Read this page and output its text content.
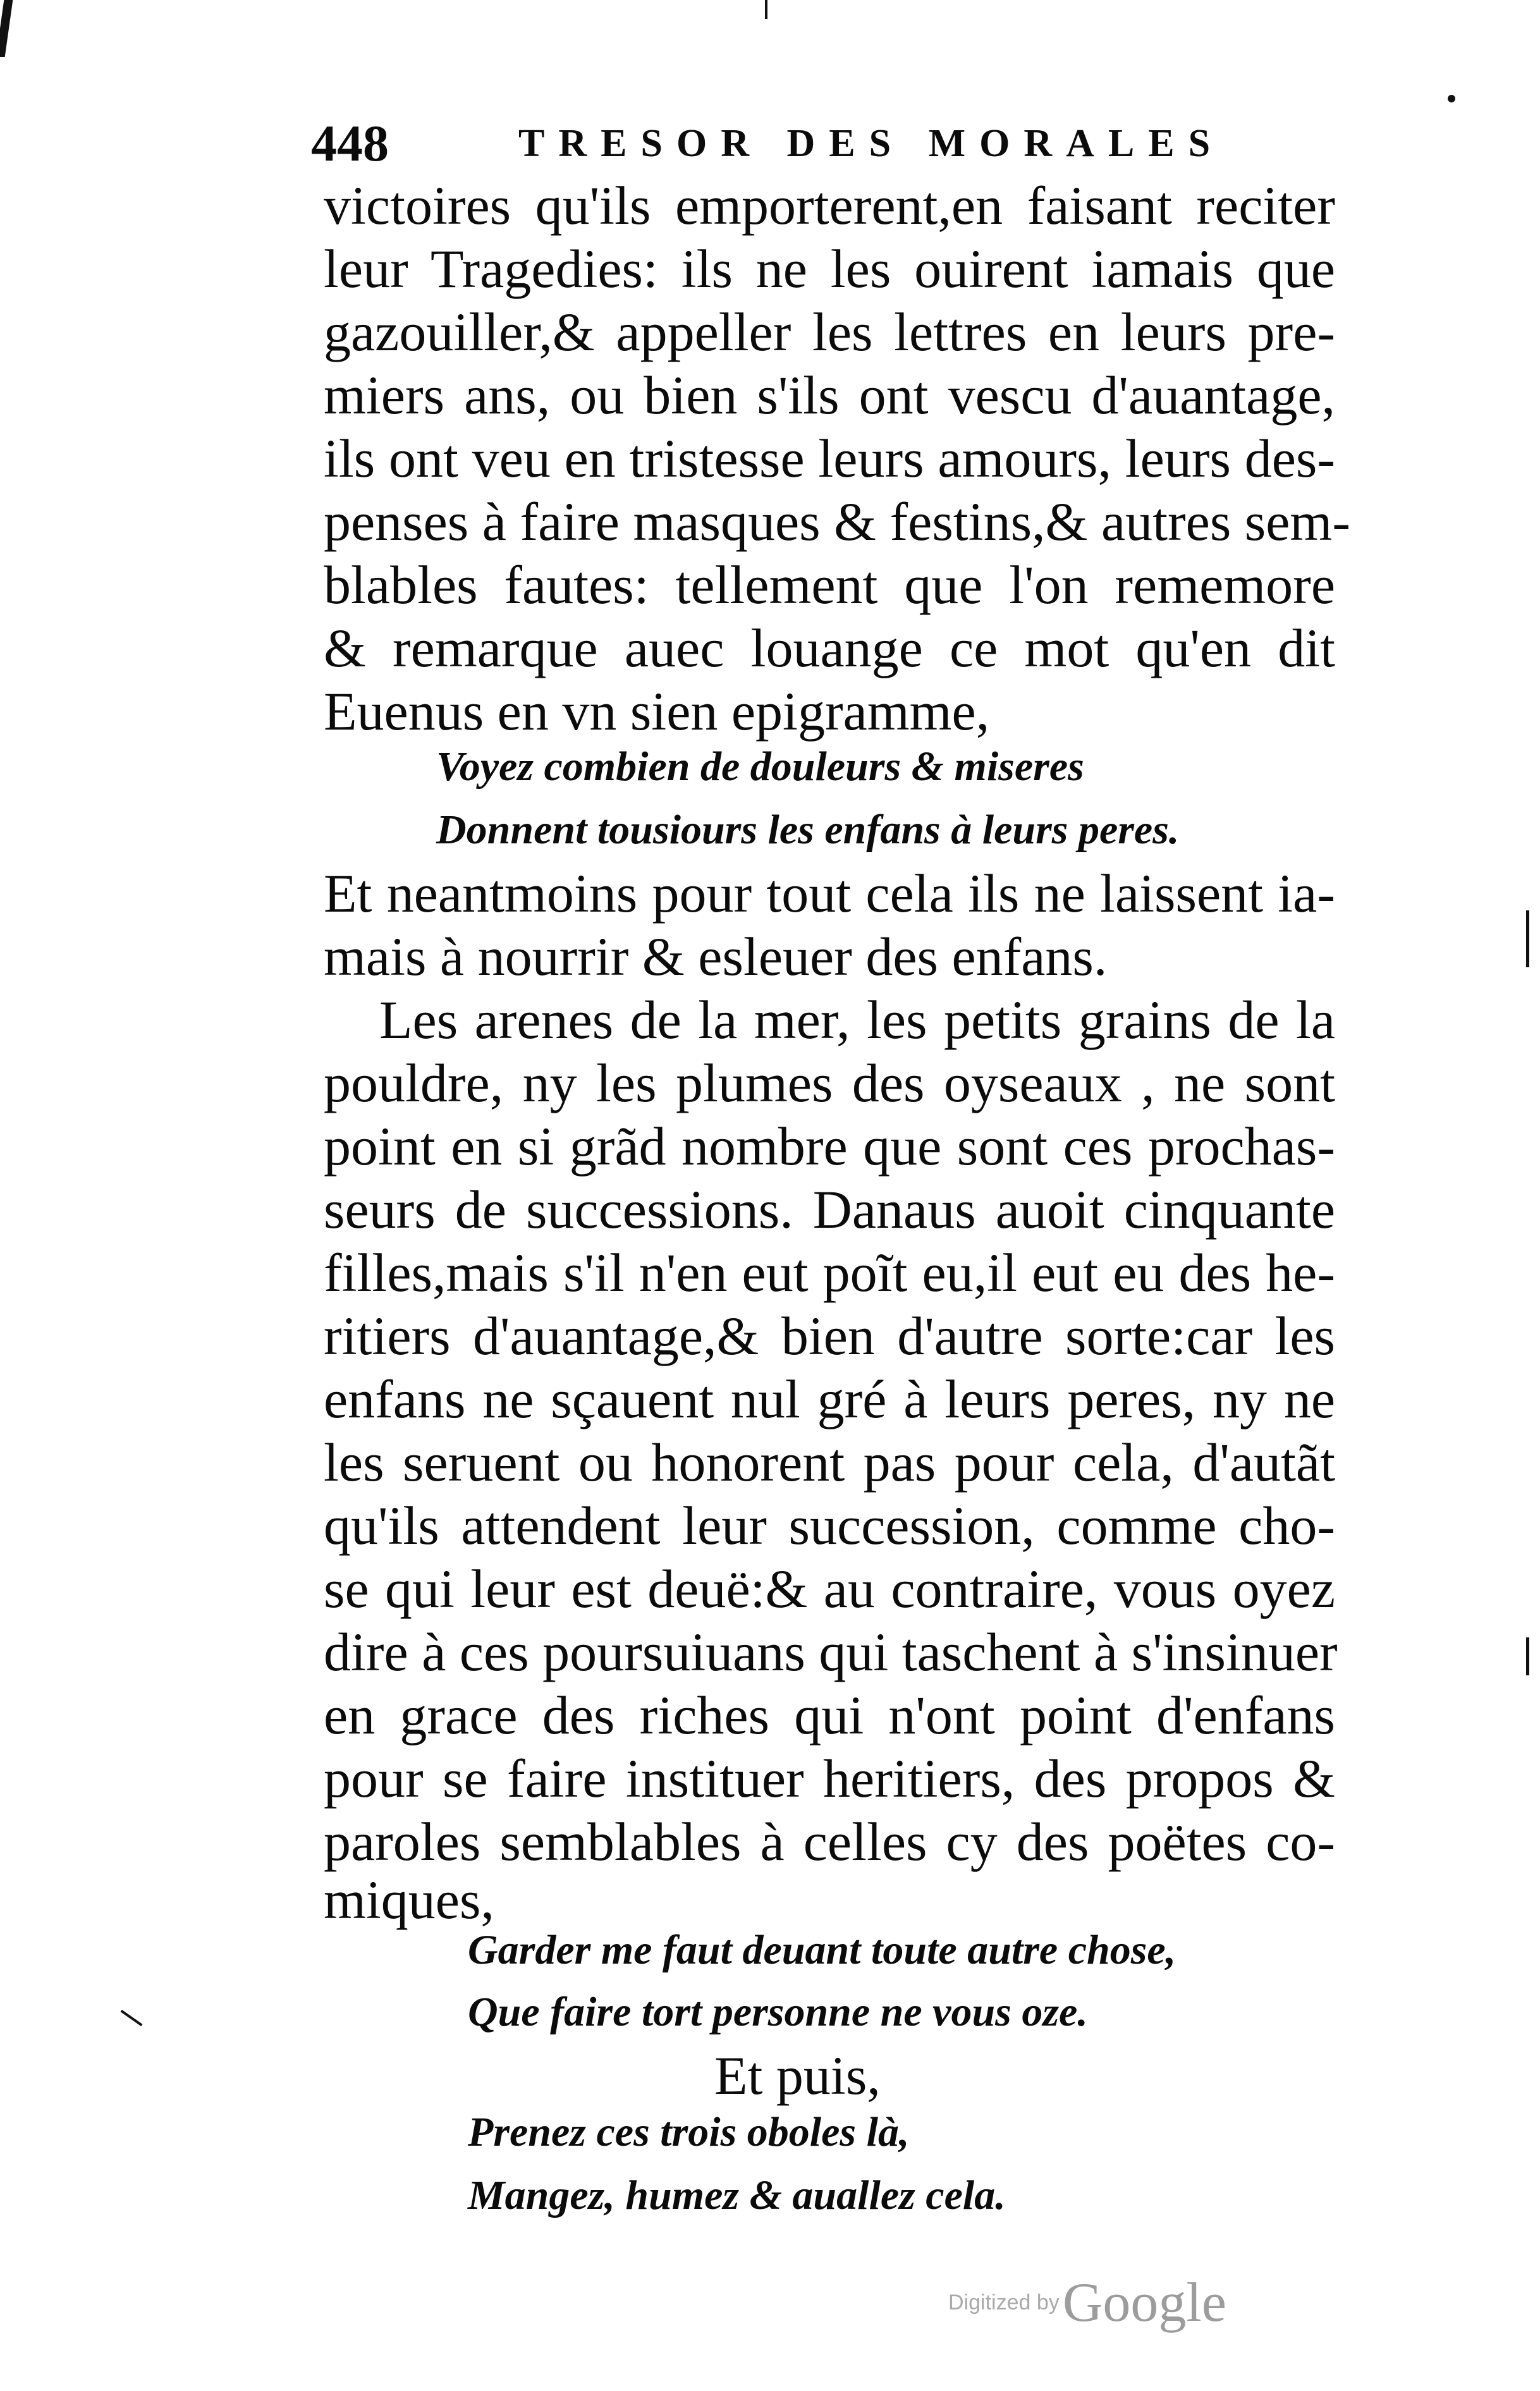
448	TRESOR DES MORALES
victoires qu'ils emporterent,en faisant reciter
leur Tragedies: ils ne les ouirent iamais que
gazouiller,& appeller les lettres en leurs pre-
miers ans, ou bien s'ils ont vescu d'auantage,
ils ont veu en tristesse leurs amours, leurs des-
penses à faire masques & festins,& autres sem-
blables fautes: tellement que l'on rememore
& remarque auec louange ce mot qu'en dit
Euenus en vn sien epigramme,
Voyez combien de douleurs & miseres
Donnent tousiours les enfans à leurs peres.
Et neantmoins pour tout cela ils ne laissent ia-
mais à nourrir & esleuer des enfans.
Les arenes de la mer, les petits grains de la
pouldre, ny les plumes des oyseaux , ne sont
point en si grãd nombre que sont ces prochas-
seurs de successions. Danaus auoit cinquante
filles,mais s'il n'en eut poĩt eu,il eut eu des he-
ritiers d'auantage,& bien d'autre sorte:car les
enfans ne sçauent nul gré à leurs peres, ny ne
les seruent ou honorent pas pour cela, d'autãt
qu'ils attendent leur succession, comme cho-
se qui leur est deuë:& au contraire, vous oyez
dire à ces poursuiuans qui taschent à s'insinuer
en grace des riches qui n'ont point d'enfans
pour se faire instituer heritiers, des propos &
paroles semblables à celles cy des poëtes co-
miques,
Garder me faut deuant toute autre chose,
Que faire tort personne ne vous oze.
Et puis,
Prenez ces trois oboles là,
Mangez, humez & auallez cela.
Digitized by Google
